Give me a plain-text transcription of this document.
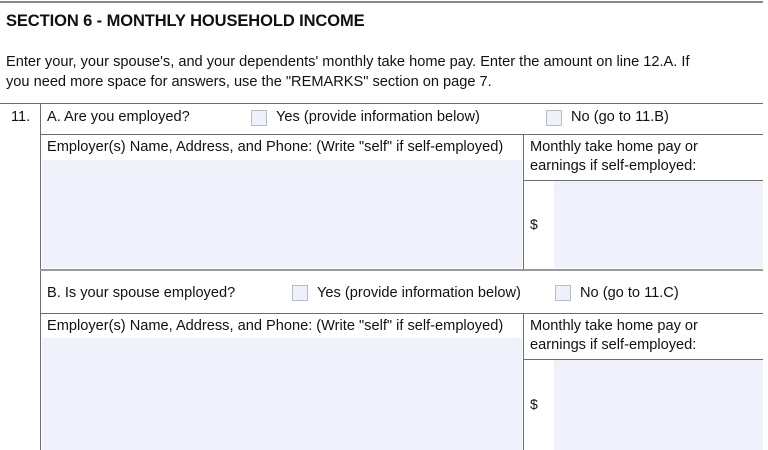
SECTION 6 - MONTHLY HOUSEHOLD INCOME
Enter your, your spouse's, and your dependents' monthly take home pay. Enter the amount on line 12.A. If
you need more space for answers, use the "REMARKS" section on page 7.
11. A. Are you employed?	Yes (provide information below)	No (go to 11.B)
Employer(s) Name, Address, and Phone: (Write "self" if self-employed) Monthly take home pay or
earnings if self-employed:
$
B. Is your spouse employed?	Yes (provide information below)	No (go to 11.C)
Employer(s) Name, Address, and Phone: (Write "self" if self-employed) Monthly take home pay or
earnings if self-employed:
$
